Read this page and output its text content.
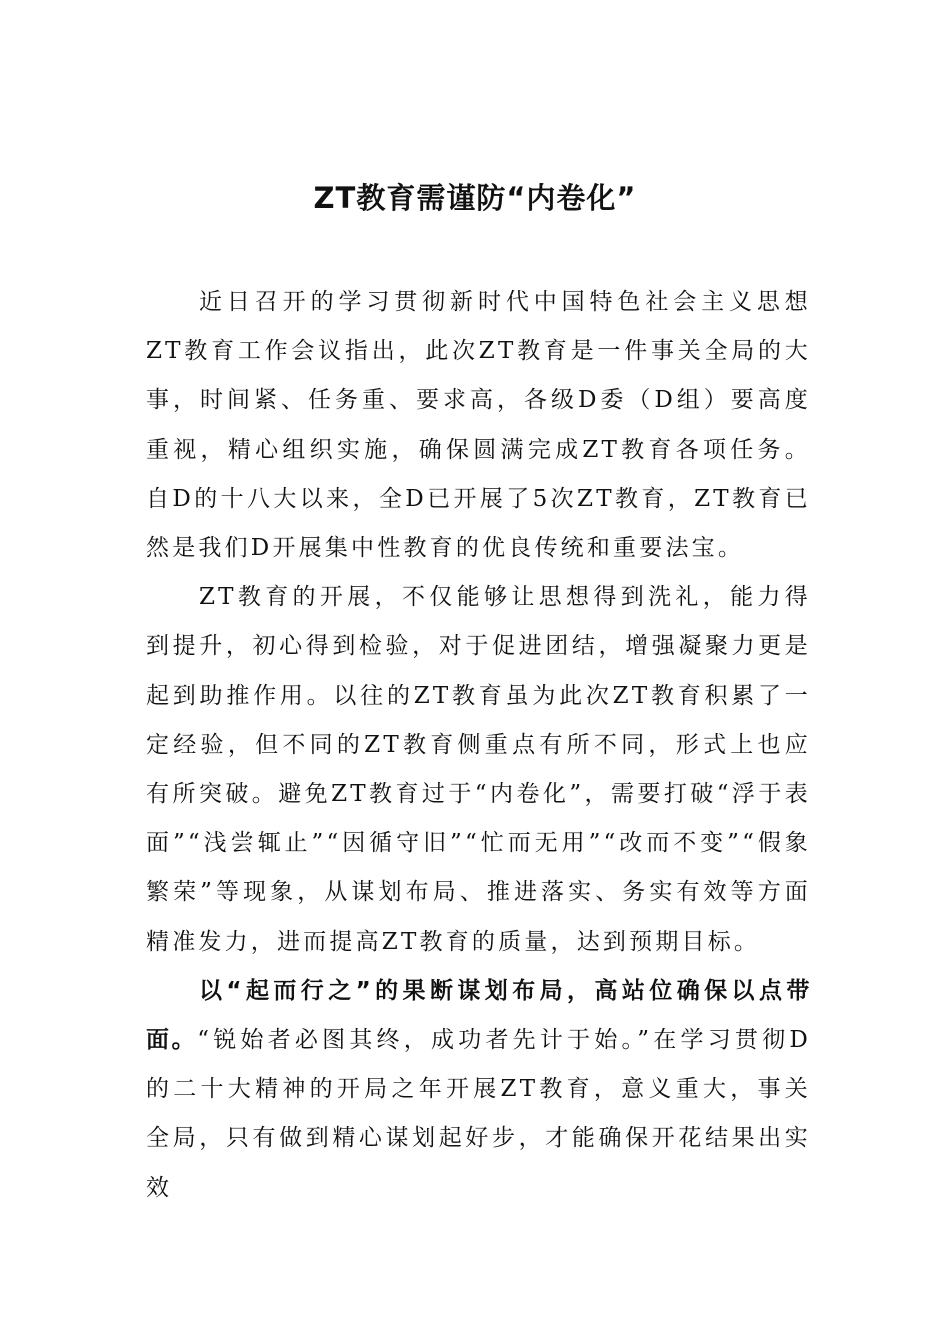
ZT教育需谨防“内卷化”

近日召开的学习贯彻新时代中国特色社会主义思想ZT教育工作会议指出，此次ZT教育是一件事关全局的大事，时间紧、任务重、要求高，各级D委（D组）要高度重视，精心组织实施，确保圆满完成ZT教育各项任务。自D的十八大以来，全D已开展了5次ZT教育，ZT教育已然是我们D开展集中性教育的优良传统和重要法宝。

ZT教育的开展，不仅能够让思想得到洗礼，能力得到提升，初心得到检验，对于促进团结，增强凝聚力更是起到助推作用。以往的ZT教育虽为此次ZT教育积累了一定经验，但不同的ZT教育侧重点有所不同，形式上也应有所突破。避免ZT教育过于“内卷化”，需要打破“浮于表面”“浅尝辄止”“因循守旧”“忙而无用”“改而不变”“假象繁荣”等现象，从谋划布局、推进落实、务实有效等方面精准发力，进而提高ZT教育的质量，达到预期目标。

以“起而行之”的果断谋划布局，高站位确保以点带面。“锐始者必图其终，成功者先计于始。”在学习贯彻D的二十大精神的开局之年开展ZT教育，意义重大，事关全局，只有做到精心谋划起好步，才能确保开花结果出实效
